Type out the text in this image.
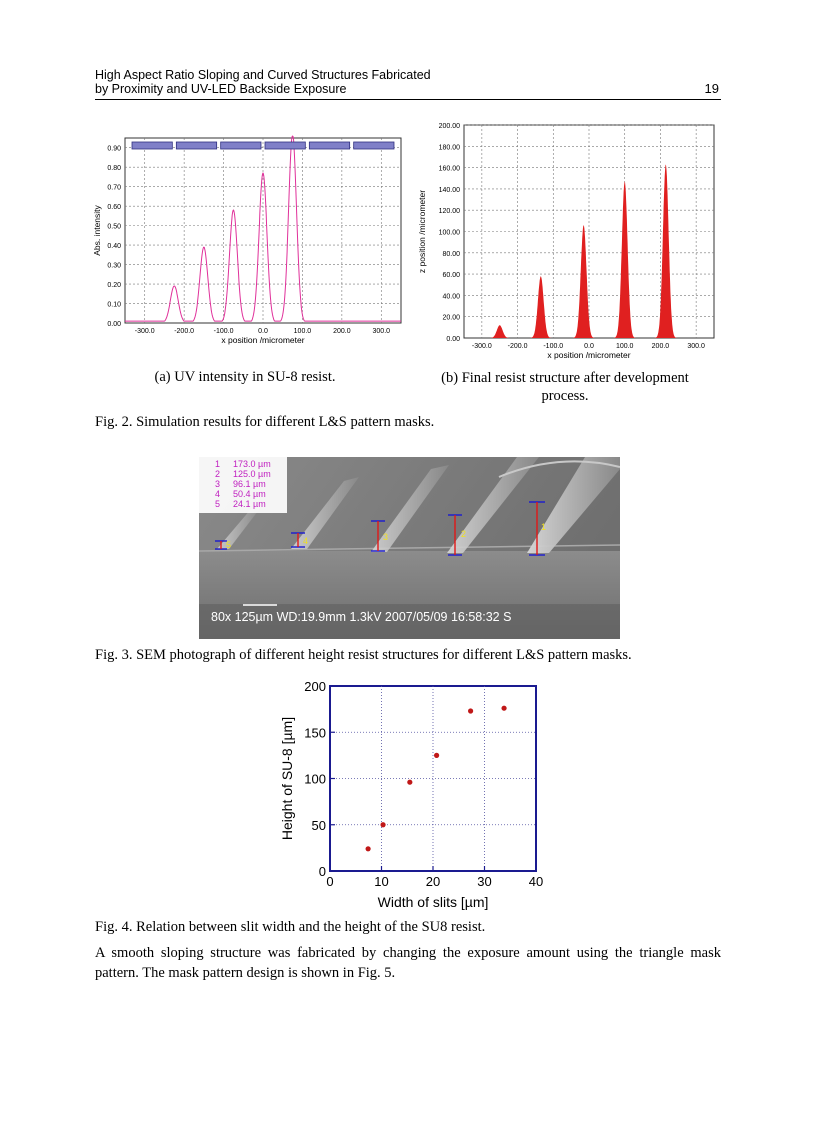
High Aspect Ratio Sloping and Curved Structures Fabricated
by Proximity and UV-LED Backside Exposure	19
0.00
0.10
0.20
0.30
0.40
0.50
0.60
0.70
0.80
0.90
-300.0	-200.0	-100.0	0.0	100.0	200.0	300.0
x position /micrometer
Abs. intensity
0.00
20.00
40.00
60.00
80.00
100.00
120.00
140.00
160.00
180.00
200.00
-300.0 -200.0 -100.0	0.0	100.0	200.0	300.0
x position /micrometer
z position /micrometer
(a) UV intensity in SU-8 resist.	(b) Final resist structure after development
process.
Fig. 2. Simulation results for different L&S pattern masks.
5	4	3	2
1
1 173.0 µm
2 125.0 µm
3 96.1 µm
4 50.4 µm
5 24.1 µm
80x 125µm WD:19.9mm 1.3kV 2007/05/09 16:58:32 S
Fig. 3. SEM photograph of different height resist structures for different L&S pattern masks.
0
50
100
150
200
0	10	20	30	40
Width of slits [µm]
Height of SU-8 [µm]
Fig. 4. Relation between slit width and the height of the SU8 resist.
A smooth sloping structure was fabricated by changing the exposure amount using the triangle mask pattern. The mask pattern design is shown in Fig. 5.
